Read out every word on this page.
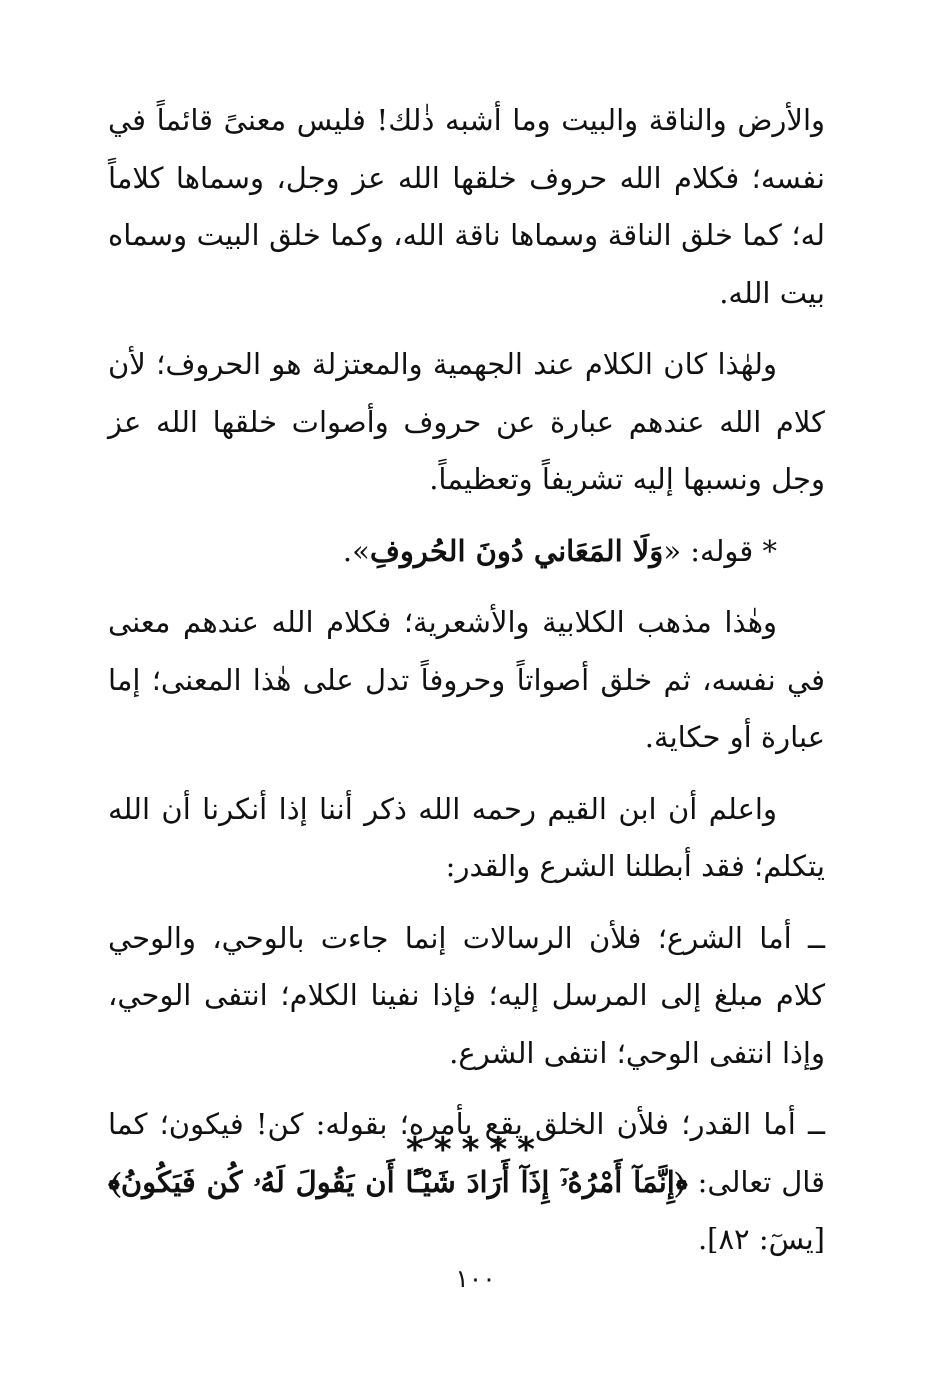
والأرض والناقة والبيت وما أشبه ذٰلك! فليس معنىً قائماً في نفسه؛ فكلام الله حروف خلقها الله عز وجل، وسماها كلاماً له؛ كما خلق الناقة وسماها ناقة الله، وكما خلق البيت وسماه بيت الله.

ولهٰذا كان الكلام عند الجهمية والمعتزلة هو الحروف؛ لأن كلام الله عندهم عبارة عن حروف وأصوات خلقها الله عز وجل ونسبها إليه تشريفاً وتعظيماً.

* قوله: «وَلَا المَعَاني دُونَ الحُروفِ».

وهٰذا مذهب الكلابية والأشعرية؛ فكلام الله عندهم معنى في نفسه، ثم خلق أصواتاً وحروفاً تدل على هٰذا المعنى؛ إما عبارة أو حكاية.

واعلم أن ابن القيم رحمه الله ذكر أننا إذا أنكرنا أن الله يتكلم؛ فقد أبطلنا الشرع والقدر:

ــ أما الشرع؛ فلأن الرسالات إنما جاءت بالوحي، والوحي كلام مبلغ إلى المرسل إليه؛ فإذا نفينا الكلام؛ انتفى الوحي، وإذا انتفى الوحي؛ انتفى الشرع.

ــ أما القدر؛ فلأن الخلق يقع بأمره؛ بقوله: كن! فيكون؛ كما قال تعالى: ﴿إِنَّمَآ أَمْرُهُۥٓ إِذَآ أَرَادَ شَيْـًٔا أَن يَقُولَ لَهُۥ كُن فَيَكُونُ﴾ [يسٓ: ٨٢].

*****
١٠٠
